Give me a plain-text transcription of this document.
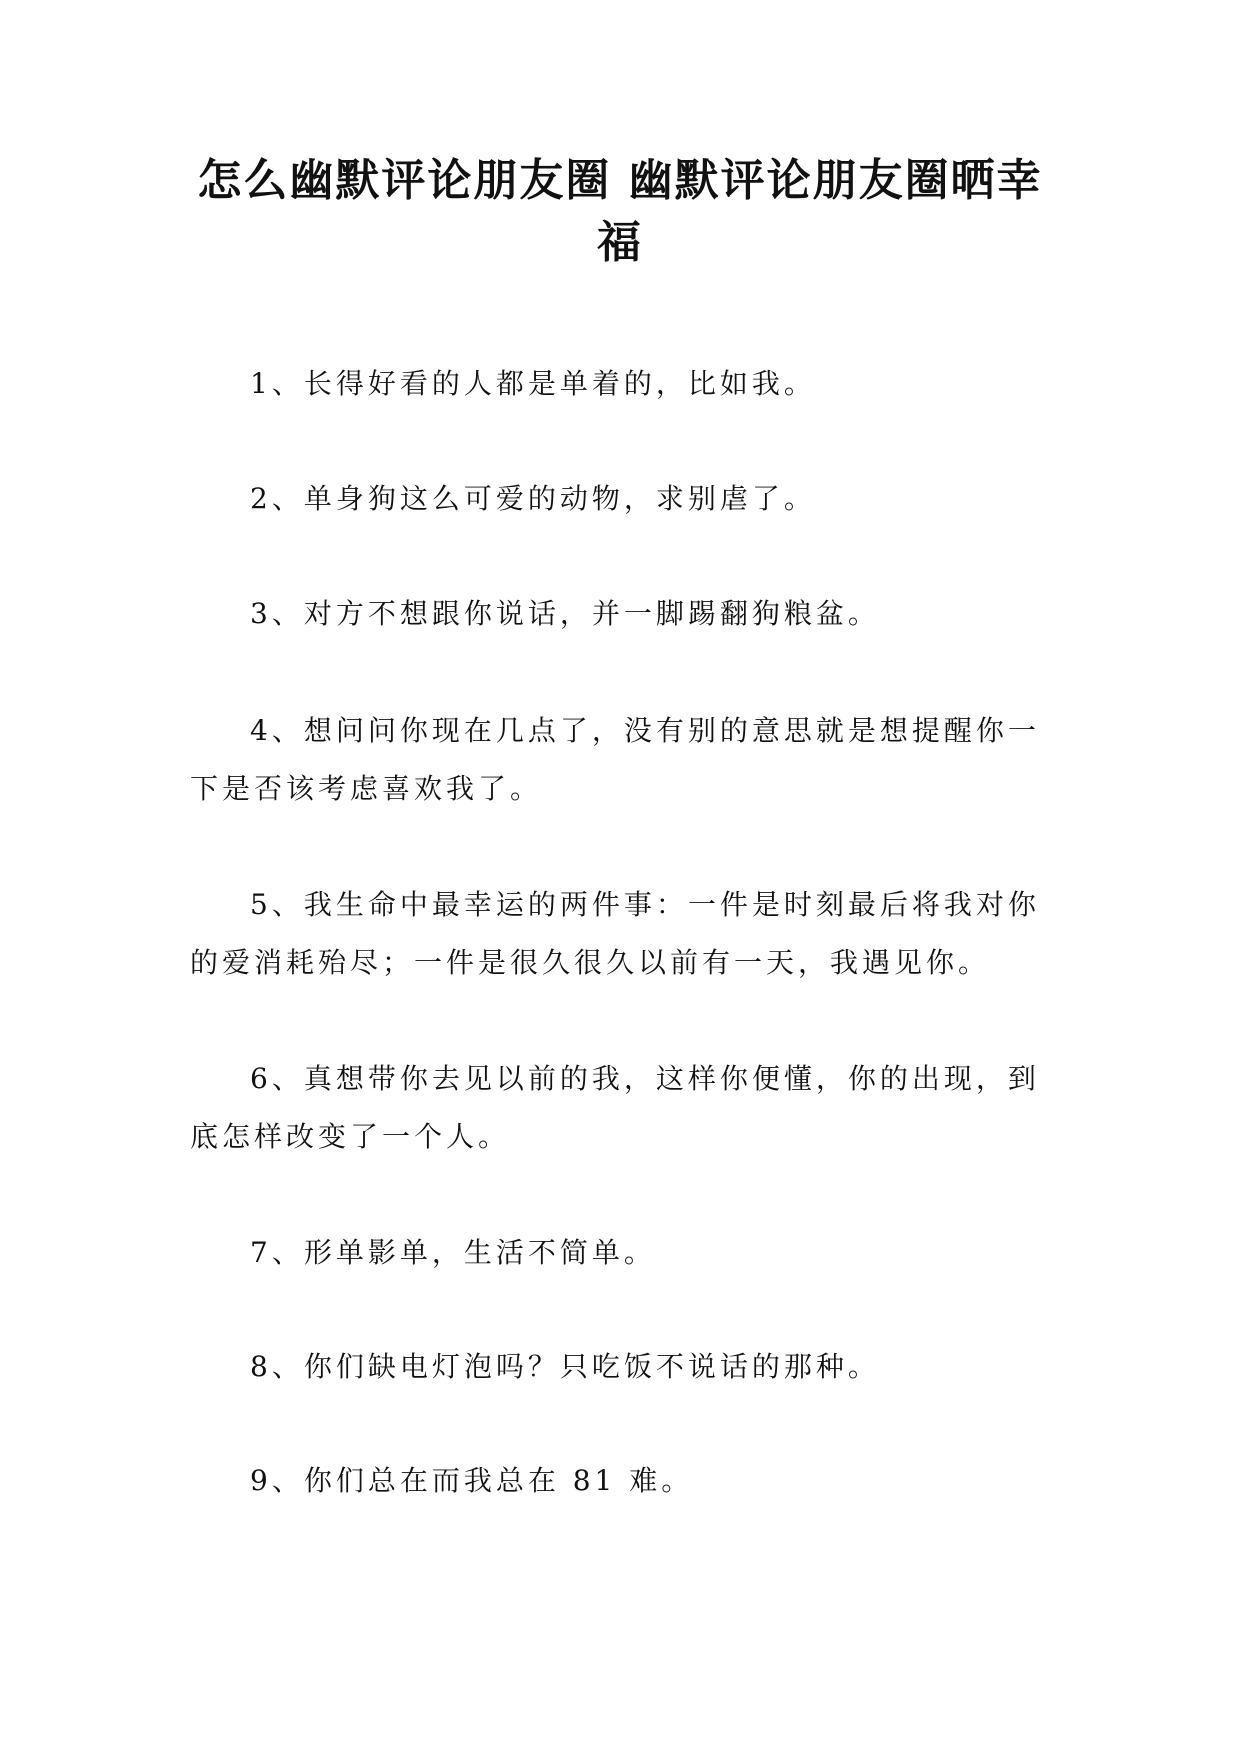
怎么幽默评论朋友圈 幽默评论朋友圈晒幸福

1、长得好看的人都是单着的，比如我。

2、单身狗这么可爱的动物，求别虐了。

3、对方不想跟你说话，并一脚踢翻狗粮盆。

4、想问问你现在几点了，没有别的意思就是想提醒你一下是否该考虑喜欢我了。

5、我生命中最幸运的两件事：一件是时刻最后将我对你的爱消耗殆尽；一件是很久很久以前有一天，我遇见你。

6、真想带你去见以前的我，这样你便懂，你的出现，到底怎样改变了一个人。

7、形单影单，生活不简单。

8、你们缺电灯泡吗？只吃饭不说话的那种。

9、你们总在而我总在 81 难。
